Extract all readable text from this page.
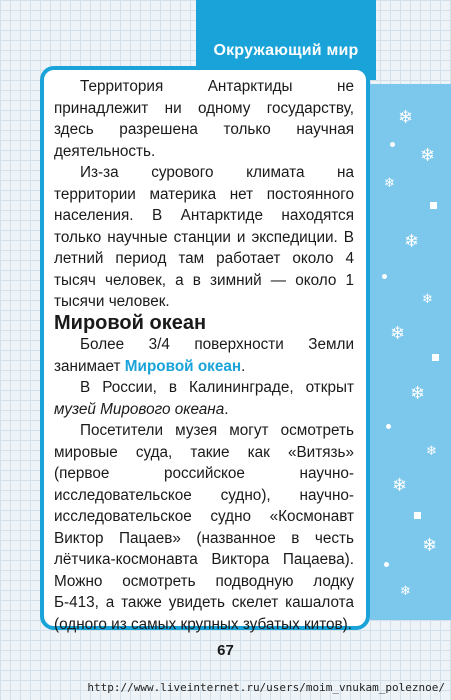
❄
❄
❄
❄
❄
❄
❄
❄
❄
❄
❄
Окружающий мир

Территория Антарктиды не принадлежит ни одному государству, здесь разрешена только научная деятельность.

Из-за сурового климата на территории материка нет постоянного населения. В Антарктиде находятся только научные станции и экспедиции. В летний период там работает около 4 тысяч человек, а в зимний — около 1 тысячи человек.

Мировой океан

Более 3/4 поверхности Земли занимает Мировой океан.

В России, в Калининграде, открыт музей Мирового океана.

Посетители музея могут осмотреть мировые суда, такие как «Витязь» (первое российское научно-исследовательское судно), научно-исследовательское судно «Космонавт Виктор Пацаев» (названное в честь лётчика-космонавта Виктора Пацаева). Можно осмотреть подводную лодку Б-413, а также увидеть скелет кашалота (одного из самых крупных зубатых китов).

67
http://www.liveinternet.ru/users/moim_vnukam_poleznoe/
